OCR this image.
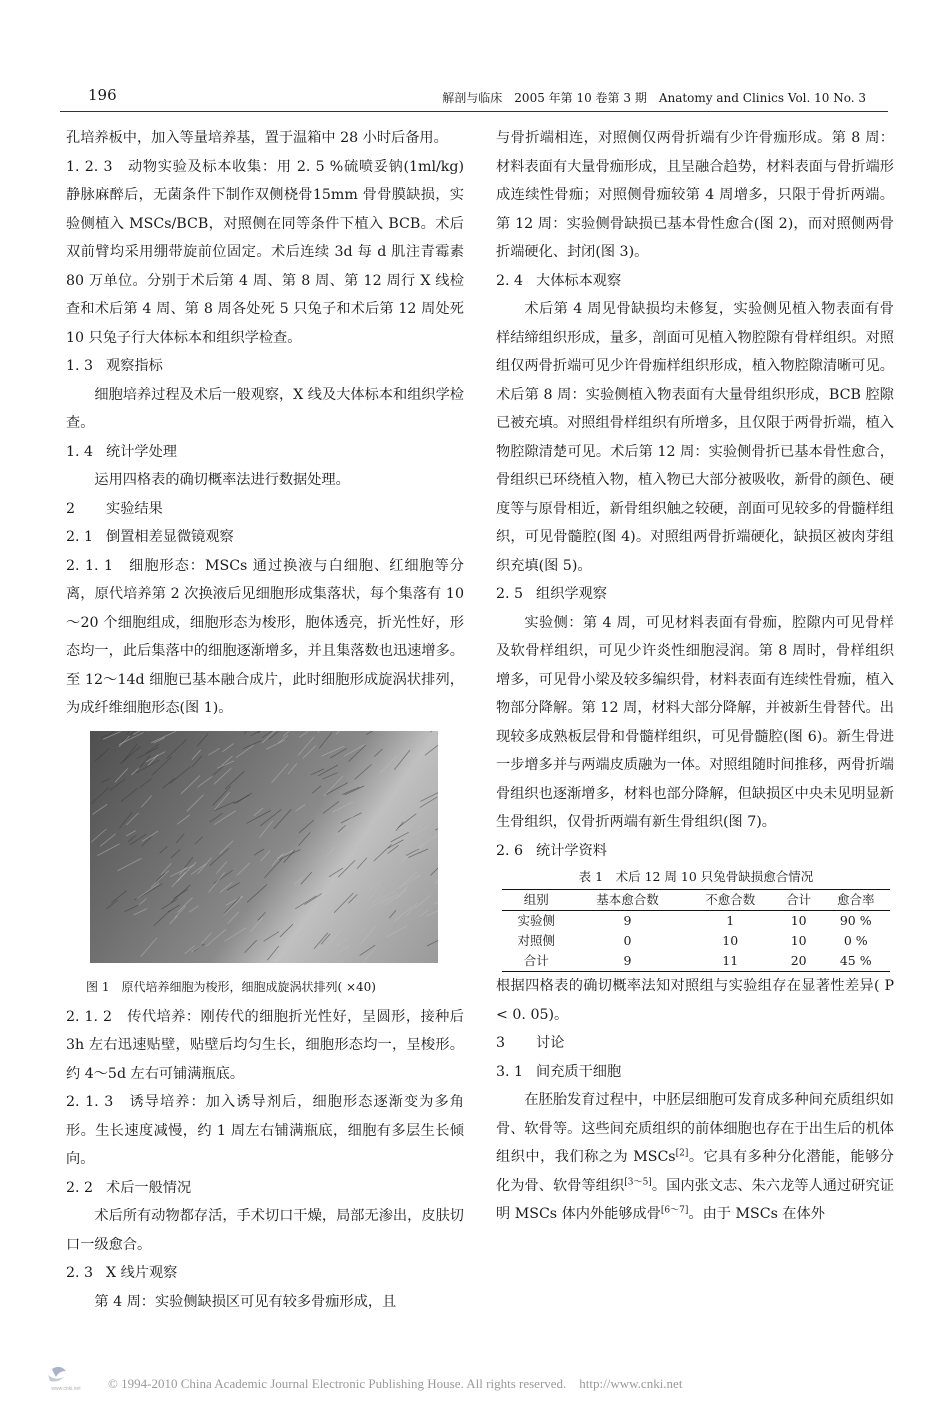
196	解剖与临床　2005 年第 10 卷第 3 期　Anatomy and Clinics Vol. 10 No. 3

孔培养板中，加入等量培养基，置于温箱中 28 小时后备用。

1. 2. 3　动物实验及标本收集：用 2. 5 %硫喷妥钠(1ml/kg) 静脉麻醉后，无菌条件下制作双侧桡骨15mm 骨骨膜缺损，实验侧植入 MSCs/BCB，对照侧在同等条件下植入 BCB。术后双前臂均采用绷带旋前位固定。术后连续 3d 每 d 肌注青霉素 80 万单位。分别于术后第 4 周、第 8 周、第 12 周行 X 线检查和术后第 4 周、第 8 周各处死 5 只兔子和术后第 12 周处死 10 只兔子行大体标本和组织学检查。

1. 3 观察指标

细胞培养过程及术后一般观察，X 线及大体标本和组织学检查。

1. 4 统计学处理

运用四格表的确切概率法进行数据处理。

2 实验结果
2. 1 倒置相差显微镜观察

2. 1. 1　细胞形态：MSCs 通过换液与白细胞、红细胞等分离，原代培养第 2 次换液后见细胞形成集落状，每个集落有 10～20 个细胞组成，细胞形态为梭形，胞体透亮，折光性好，形态均一，此后集落中的细胞逐渐增多，并且集落数也迅速增多。至 12～14d 细胞已基本融合成片，此时细胞形成旋涡状排列，为成纤维细胞形态(图 1)。

图 1　原代培养细胞为梭形，细胞成旋涡状排列( ×40)

2. 1. 2　传代培养：刚传代的细胞折光性好，呈圆形，接种后 3h 左右迅速贴壁，贴壁后均匀生长，细胞形态均一，呈梭形。约 4～5d 左右可铺满瓶底。

2. 1. 3　诱导培养：加入诱导剂后，细胞形态逐渐变为多角形。生长速度减慢，约 1 周左右铺满瓶底，细胞有多层生长倾向。

2. 2 术后一般情况

术后所有动物都存活，手术切口干燥，局部无渗出，皮肤切口一级愈合。

2. 3 X 线片观察

第 4 周：实验侧缺损区可见有较多骨痂形成，且

与骨折端相连，对照侧仅两骨折端有少许骨痂形成。第 8 周：材料表面有大量骨痂形成，且呈融合趋势，材料表面与骨折端形成连续性骨痂；对照侧骨痂较第 4 周增多，只限于骨折两端。第 12 周：实验侧骨缺损已基本骨性愈合(图 2)，而对照侧两骨折端硬化、封闭(图 3)。

2. 4 大体标本观察

术后第 4 周见骨缺损均未修复，实验侧见植入物表面有骨样结缔组织形成，量多，剖面可见植入物腔隙有骨样组织。对照组仅两骨折端可见少许骨痂样组织形成，植入物腔隙清晰可见。术后第 8 周：实验侧植入物表面有大量骨组织形成，BCB 腔隙已被充填。对照组骨样组织有所增多，且仅限于两骨折端，植入物腔隙清楚可见。术后第 12 周：实验侧骨折已基本骨性愈合，骨组织已环绕植入物，植入物已大部分被吸收，新骨的颜色、硬度等与原骨相近，新骨组织触之较硬，剖面可见较多的骨髓样组织，可见骨髓腔(图 4)。对照组两骨折端硬化，缺损区被肉芽组织充填(图 5)。

2. 5 组织学观察

实验侧：第 4 周，可见材料表面有骨痂，腔隙内可见骨样及软骨样组织，可见少许炎性细胞浸润。第 8 周时，骨样组织增多，可见骨小梁及较多编织骨，材料表面有连续性骨痂，植入物部分降解。第 12 周，材料大部分降解，并被新生骨替代。出现较多成熟板层骨和骨髓样组织，可见骨髓腔(图 6)。新生骨进一步增多并与两端皮质融为一体。对照组随时间推移，两骨折端骨组织也逐渐增多，材料也部分降解，但缺损区中央未见明显新生骨组织，仅骨折两端有新生骨组织(图 7)。

2. 6 统计学资料
表 1　术后 12 周 10 只兔骨缺损愈合情况
组别	基本愈合数	不愈合数	合计	愈合率
实验侧	9	1	10	90 %
对照侧	0	10	10	0 %
合计	9	11	20	45 %

根据四格表的确切概率法知对照组与实验组存在显著性差异( P < 0. 05)。

3 讨论
3. 1 间充质干细胞

在胚胎发育过程中，中胚层细胞可发育成多种间充质组织如骨、软骨等。这些间充质组织的前体细胞也存在于出生后的机体组织中，我们称之为 MSCs[2]。它具有多种分化潜能，能够分化为骨、软骨等组织[3～5]。国内张文志、朱六龙等人通过研究证明 MSCs 体内外能够成骨[6～7]。由于 MSCs 在体外

www.cnki.net © 1994-2010 China Academic Journal Electronic Publishing House. All rights reserved.　http://www.cnki.net
